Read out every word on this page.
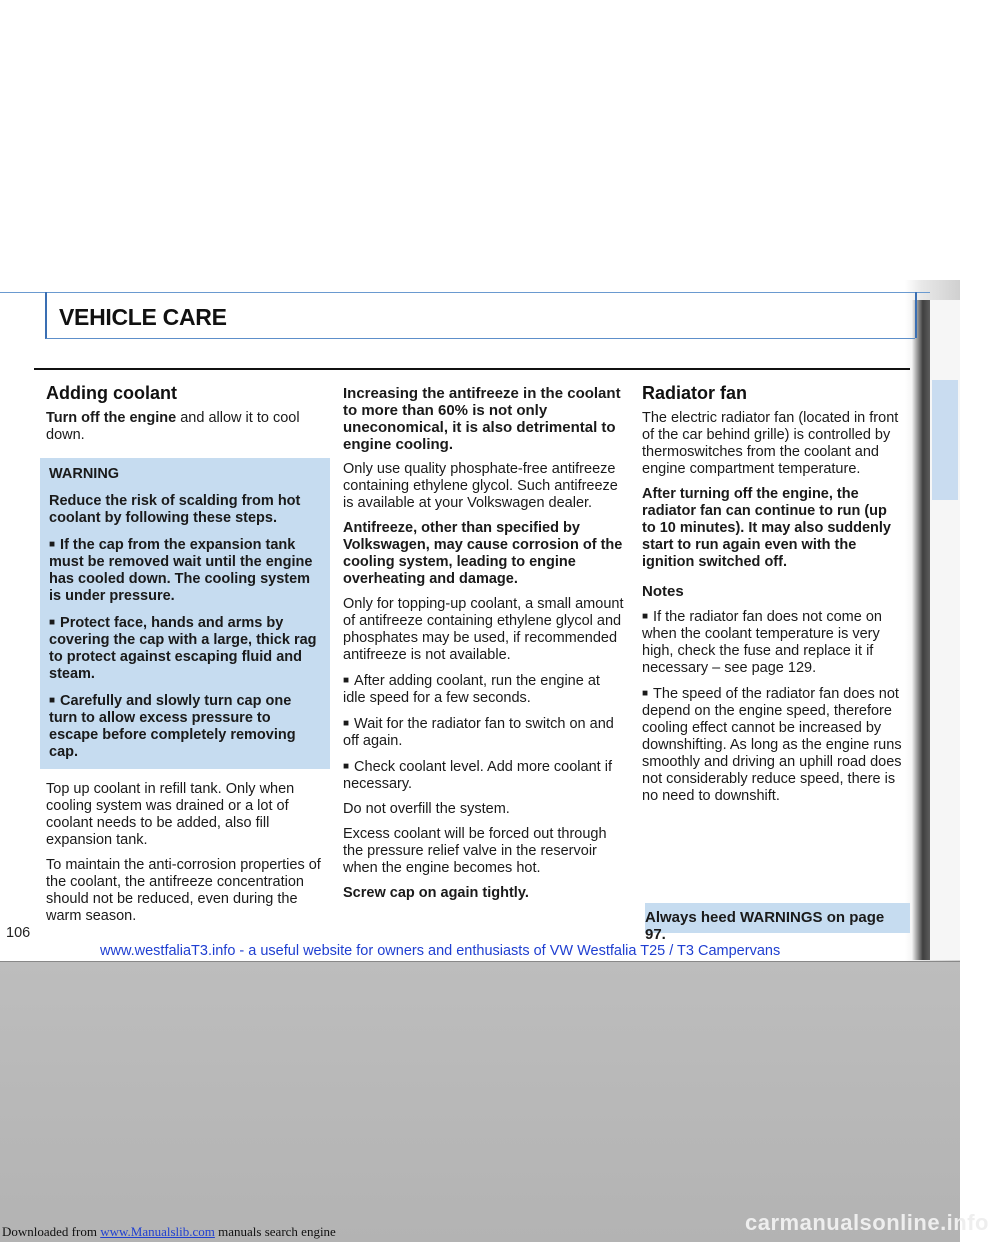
VEHICLE CARE
Adding coolant

Turn off the engine and allow it to cool down.

WARNING

Reduce the risk of scalding from hot coolant by following these steps.

■ If the cap from the expansion tank must be removed wait until the engine has cooled down. The cooling system is under pressure.

■ Protect face, hands and arms by covering the cap with a large, thick rag to protect against escaping fluid and steam.

■ Carefully and slowly turn cap one turn to allow excess pressure to escape before completely removing cap.

Top up coolant in refill tank. Only when cooling system was drained or a lot of coolant needs to be added, also fill expansion tank.

To maintain the anti-corrosion properties of the coolant, the antifreeze concentration should not be reduced, even during the warm season.

Increasing the antifreeze in the coolant to more than 60% is not only uneconomical, it is also detrimental to engine cooling.

Only use quality phosphate-free antifreeze containing ethylene glycol. Such antifreeze is available at your Volkswagen dealer.

Antifreeze, other than specified by Volkswagen, may cause corrosion of the cooling system, leading to engine overheating and damage.

Only for topping-up coolant, a small amount of antifreeze containing ethylene glycol and phosphates may be used, if recommended antifreeze is not available.

■ After adding coolant, run the engine at idle speed for a few seconds.

■ Wait for the radiator fan to switch on and off again.

■ Check coolant level. Add more coolant if necessary.

Do not overfill the system.

Excess coolant will be forced out through the pressure relief valve in the reservoir when the engine becomes hot.

Screw cap on again tightly.

Radiator fan

The electric radiator fan (located in front of the car behind grille) is controlled by thermoswitches from the coolant and engine compartment temperature.

After turning off the engine, the radiator fan can continue to run (up to 10 minutes). It may also suddenly start to run again even with the ignition switched off.

Notes

■ If the radiator fan does not come on when the coolant temperature is very high, check the fuse and replace it if necessary – see page 129.

■ The speed of the radiator fan does not depend on the engine speed, therefore cooling effect cannot be increased by downshifting. As long as the engine runs smoothly and driving an uphill road does not considerably reduce speed, there is no need to downshift.

Always heed WARNINGS on page 97.
106
www.westfaliaT3.info - a useful website for owners and enthusiasts of VW Westfalia T25 / T3 Campervans
Downloaded from www.Manualslib.com manuals search engine	carmanualsonline.info
